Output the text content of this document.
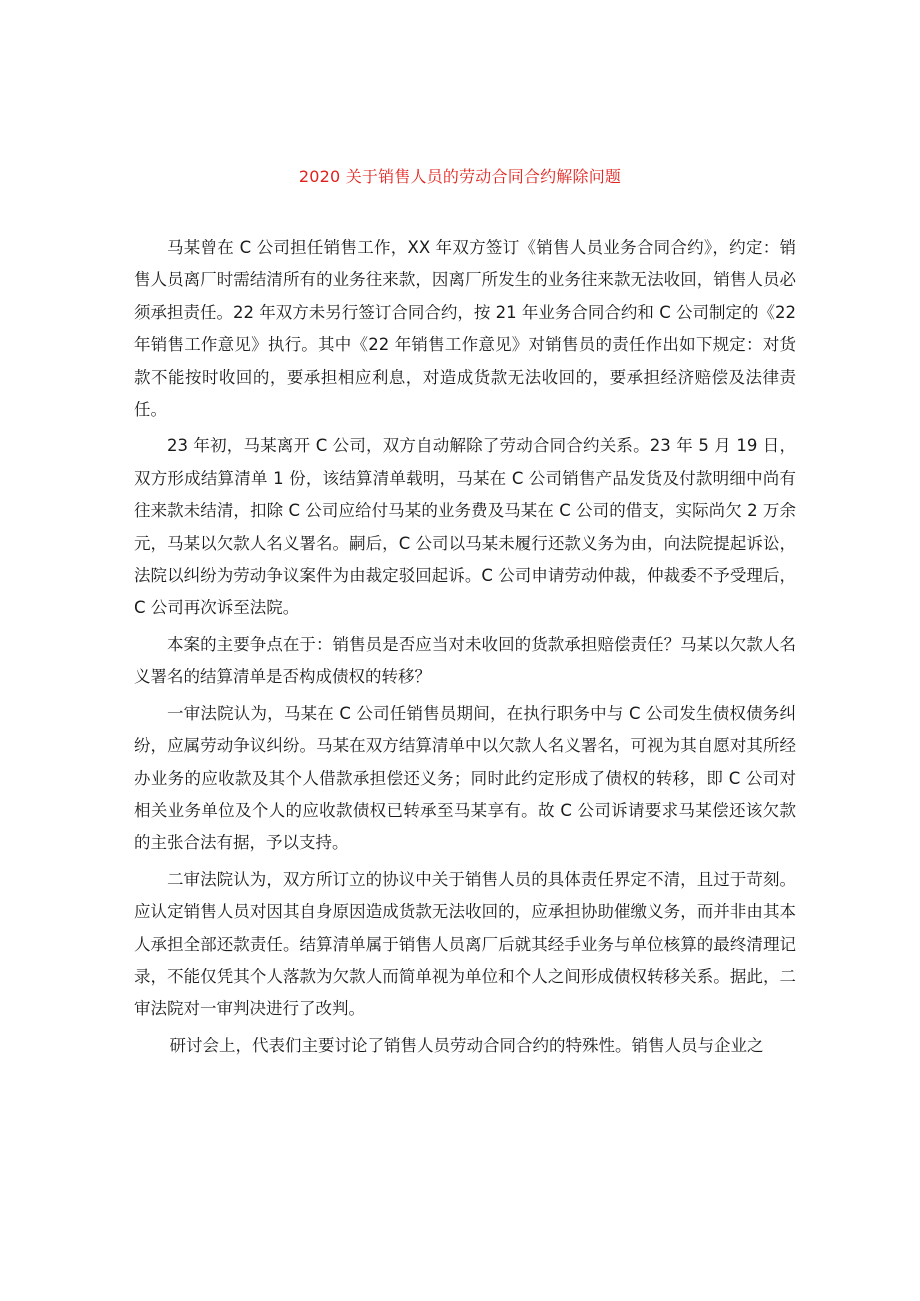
2020 关于销售人员的劳动合同合约解除问题

马某曾在 C 公司担任销售工作，XX 年双方签订《销售人员业务合同合约》，约定：销售人员离厂时需结清所有的业务往来款，因离厂所发生的业务往来款无法收回，销售人员必须承担责任。22 年双方未另行签订合同合约，按 21 年业务合同合约和 C 公司制定的《22 年销售工作意见》执行。其中《22 年销售工作意见》对销售员的责任作出如下规定：对货款不能按时收回的，要承担相应利息，对造成货款无法收回的，要承担经济赔偿及法律责任。

23 年初，马某离开 C 公司，双方自动解除了劳动合同合约关系。23 年 5 月 19 日，双方形成结算清单 1 份，该结算清单载明，马某在 C 公司销售产品发货及付款明细中尚有往来款未结清，扣除 C 公司应给付马某的业务费及马某在 C 公司的借支，实际尚欠 2 万余元，马某以欠款人名义署名。嗣后，C 公司以马某未履行还款义务为由，向法院提起诉讼，法院以纠纷为劳动争议案件为由裁定驳回起诉。C 公司申请劳动仲裁，仲裁委不予受理后，C 公司再次诉至法院。

本案的主要争点在于：销售员是否应当对未收回的货款承担赔偿责任？马某以欠款人名义署名的结算清单是否构成债权的转移？

一审法院认为，马某在 C 公司任销售员期间，在执行职务中与 C 公司发生债权债务纠纷，应属劳动争议纠纷。马某在双方结算清单中以欠款人名义署名，可视为其自愿对其所经办业务的应收款及其个人借款承担偿还义务；同时此约定形成了债权的转移，即 C 公司对相关业务单位及个人的应收款债权已转承至马某享有。故 C 公司诉请要求马某偿还该欠款的主张合法有据，予以支持。

二审法院认为，双方所订立的协议中关于销售人员的具体责任界定不清，且过于苛刻。应认定销售人员对因其自身原因造成货款无法收回的，应承担协助催缴义务，而并非由其本人承担全部还款责任。结算清单属于销售人员离厂后就其经手业务与单位核算的最终清理记录，不能仅凭其个人落款为欠款人而简单视为单位和个人之间形成债权转移关系。据此，二审法院对一审判决进行了改判。

研讨会上，代表们主要讨论了销售人员劳动合同合约的特殊性。销售人员与企业之
